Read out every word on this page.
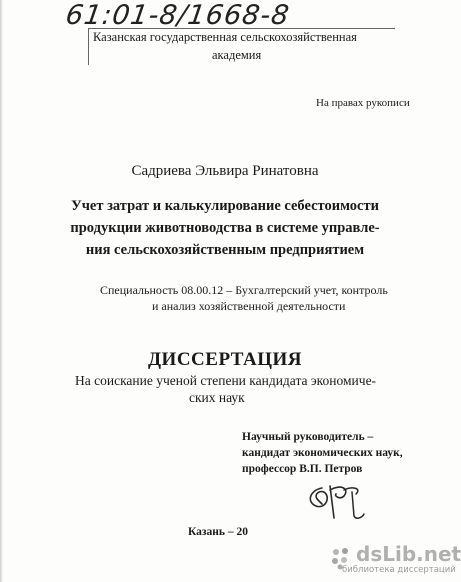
61:01-8/1668-8
Казанская государственная сельскохозяйственная
академия
На правах рукописи
Садриева Эльвира Ринатовна
Учет затрат и калькулирование себестоимости
продукции животноводства в системе управле-
ния сельскохозяйственным предприятием
Специальность 08.00.12 – Бухгалтерский учет, контроль
и анализ хозяйственной деятельности
ДИССЕРТАЦИЯ
На соискание ученой степени кандидата экономиче-
ских наук
Научный руководитель –
кандидат экономических наук,
профессор В.П. Петров
Казань – 20
dsLib.net
библиотека диссертаций
